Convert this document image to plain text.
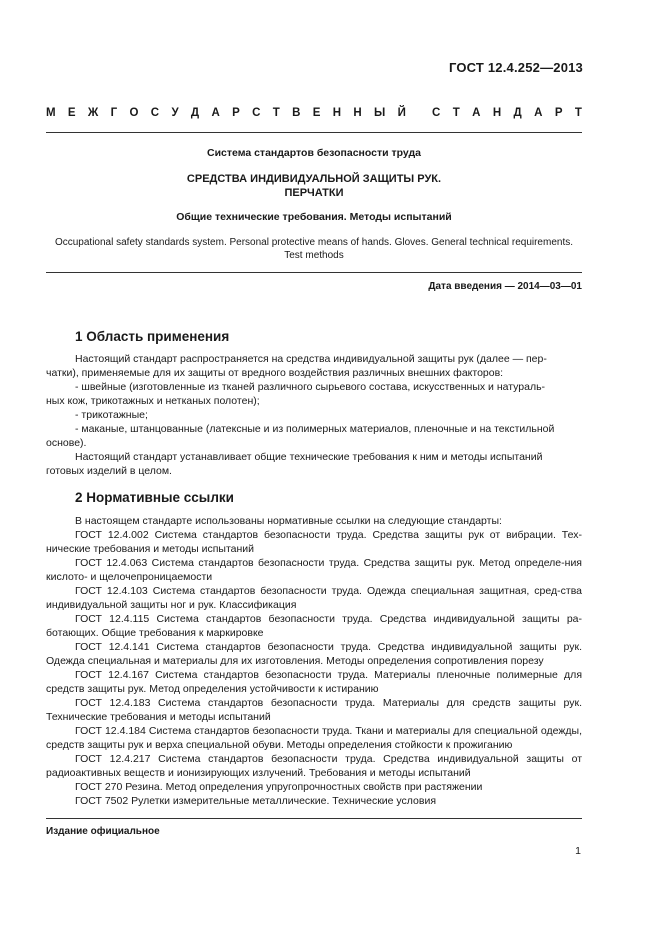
ГОСТ 12.4.252—2013
М Е Ж Г О С У Д А Р С Т В Е Н Н Ы Й С Т А Н Д А Р Т
Система стандартов безопасности труда
СРЕДСТВА ИНДИВИДУАЛЬНОЙ ЗАЩИТЫ РУК.
ПЕРЧАТКИ
Общие технические требования. Методы испытаний
Occupational safety standards system. Personal protective means of hands. Gloves. General technical requirements.
Test methods
Дата введения — 2014—03—01
1 Область применения
Настоящий стандарт распространяется на средства индивидуальной защиты рук (далее — пер-
чатки), применяемые для их защиты от вредного воздействия различных внешних факторов:
- швейные (изготовленные из тканей различного сырьевого состава, искусственных и натураль-
ных кож, трикотажных и нетканых полотен);
- трикотажные;
- маканые, штанцованные (латексные и из полимерных материалов, пленочные и на текстильной
основе).
Настоящий стандарт устанавливает общие технические требования к ним и методы испытаний
готовых изделий в целом.
2 Нормативные ссылки
В настоящем стандарте использованы нормативные ссылки на следующие стандарты:
ГОСТ 12.4.002 Система стандартов безопасности труда. Средства защиты рук от вибрации. Тех-нические требования и методы испытаний
ГОСТ 12.4.063 Система стандартов безопасности труда. Средства защиты рук. Метод определе-ния кислото- и щелочепроницаемости
ГОСТ 12.4.103 Система стандартов безопасности труда. Одежда специальная защитная, сред-ства индивидуальной защиты ног и рук. Классификация
ГОСТ 12.4.115 Система стандартов безопасности труда. Средства индивидуальной защиты ра-ботающих. Общие требования к маркировке
ГОСТ 12.4.141 Система стандартов безопасности труда. Средства индивидуальной защиты рук. Одежда специальная и материалы для их изготовления. Методы определения сопротивления порезу
ГОСТ 12.4.167 Система стандартов безопасности труда. Материалы пленочные полимерные для средств защиты рук. Метод определения устойчивости к истиранию
ГОСТ 12.4.183 Система стандартов безопасности труда. Материалы для средств защиты рук. Технические требования и методы испытаний
ГОСТ 12.4.184 Система стандартов безопасности труда. Ткани и материалы для специальной одежды, средств защиты рук и верха специальной обуви. Методы определения стойкости к прожиганию
ГОСТ 12.4.217 Система стандартов безопасности труда. Средства индивидуальной защиты от радиоактивных веществ и ионизирующих излучений. Требования и методы испытаний
ГОСТ 270 Резина. Метод определения упругопрочностных свойств при растяжении
ГОСТ 7502 Рулетки измерительные металлические. Технические условия
Издание официальное
1
